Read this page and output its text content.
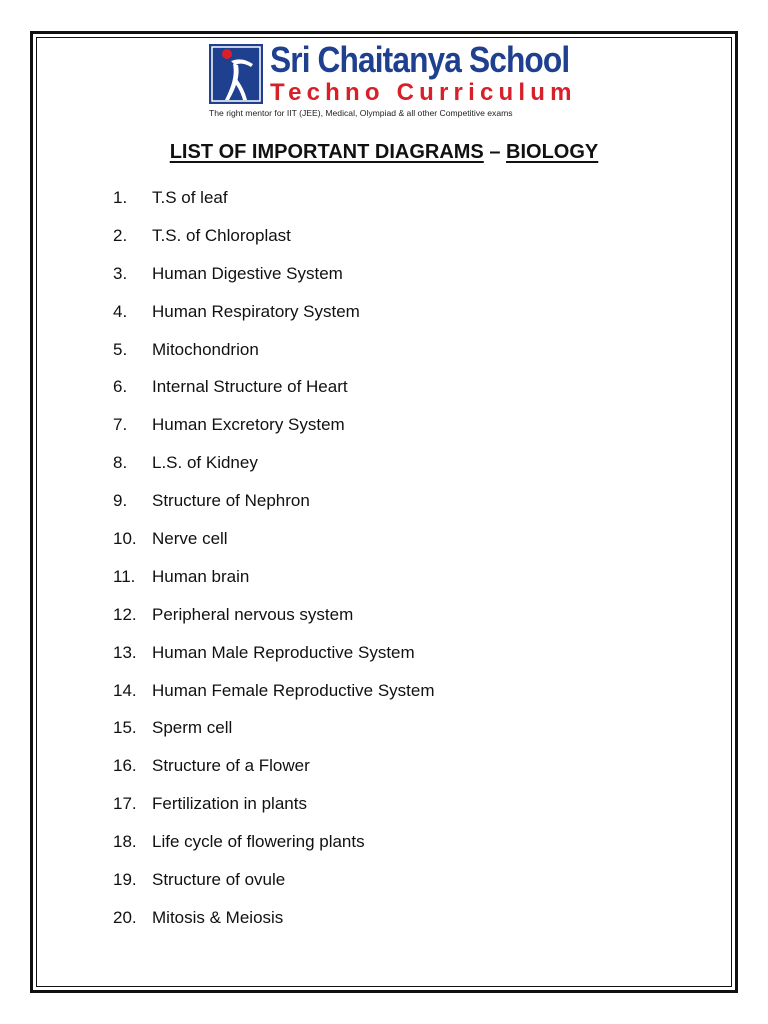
Sri Chaitanya School
Techno Curriculum
The right mentor for IIT (JEE), Medical, Olympiad & all other Competitive exams
LIST OF IMPORTANT DIAGRAMS – BIOLOGY
1. T.S of leaf
2. T.S. of Chloroplast
3. Human Digestive System
4. Human Respiratory System
5. Mitochondrion
6. Internal Structure of Heart
7. Human Excretory System
8. L.S. of Kidney
9. Structure of Nephron
10. Nerve cell
11. Human brain
12. Peripheral nervous system
13. Human Male Reproductive System
14. Human Female Reproductive System
15. Sperm cell
16. Structure of a Flower
17. Fertilization in plants
18. Life cycle of flowering plants
19. Structure of ovule
20. Mitosis & Meiosis
